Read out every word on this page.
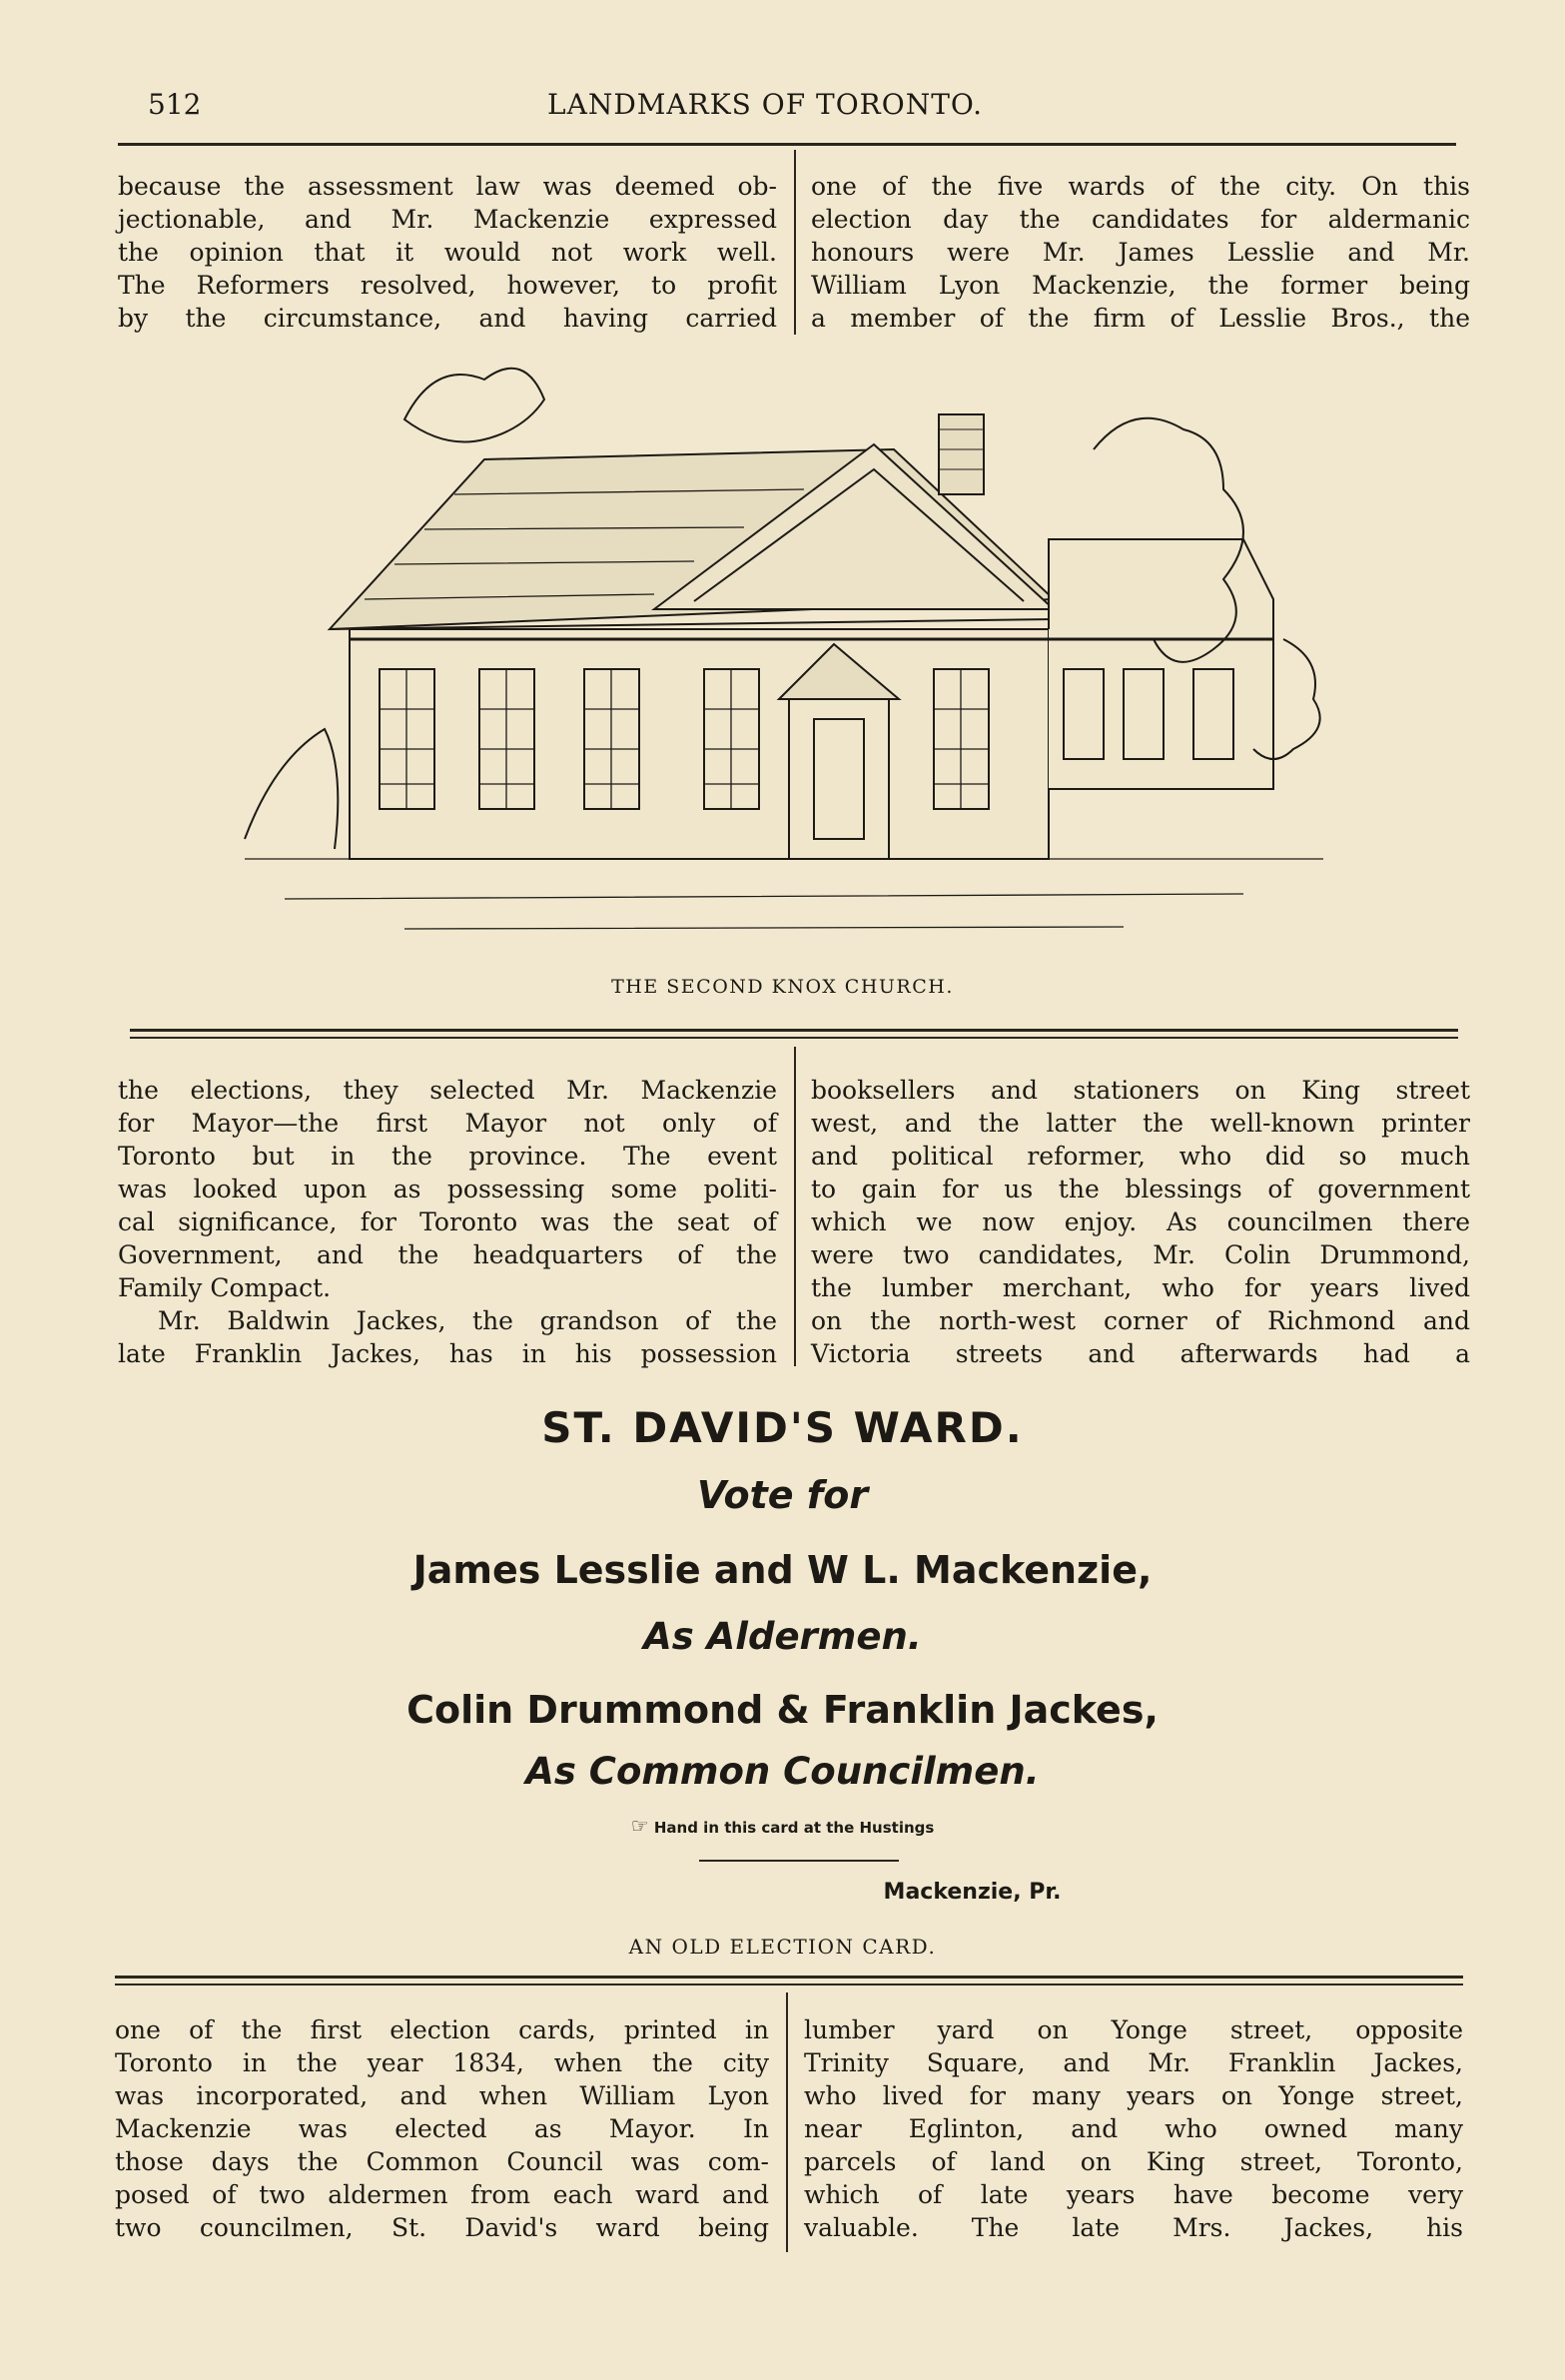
512	LANDMARKS OF TORONTO.
because the assessment law was deemed ob-
jectionable, and Mr. Mackenzie expressed
the opinion that it would not work well.
The Reformers resolved, however, to profit
by the circumstance, and having carried
one of the five wards of the city. On this
election day the candidates for aldermanic
honours were Mr. James Lesslie and Mr.
William Lyon Mackenzie, the former being
a member of the firm of Lesslie Bros., the
THE SECOND KNOX CHURCH.
the elections, they selected Mr. Mackenzie
for Mayor—the first Mayor not only of
Toronto but in the province. The event
was looked upon as possessing some politi-
cal significance, for Toronto was the seat of
Government, and the headquarters of the
Family Compact.
Mr. Baldwin Jackes, the grandson of the
late Franklin Jackes, has in his possession
booksellers and stationers on King street
west, and the latter the well-known printer
and political reformer, who did so much
to gain for us the blessings of government
which we now enjoy. As councilmen there
were two candidates, Mr. Colin Drummond,
the lumber merchant, who for years lived
on the north-west corner of Richmond and
Victoria streets and afterwards had a
ST. DAVID'S WARD.
Vote for
James Lesslie and W L. Mackenzie,
As Aldermen.
Colin Drummond & Franklin Jackes,
As Common Councilmen.
☞ Hand in this card at the Hustings
Mackenzie, Pr.
AN OLD ELECTION CARD.
one of the first election cards, printed in
Toronto in the year 1834, when the city
was incorporated, and when William Lyon
Mackenzie was elected as Mayor. In
those days the Common Council was com-
posed of two aldermen from each ward and
two councilmen, St. David's ward being
lumber yard on Yonge street, opposite
Trinity Square, and Mr. Franklin Jackes,
who lived for many years on Yonge street,
near Eglinton, and who owned many
parcels of land on King street, Toronto,
which of late years have become very
valuable. The late Mrs. Jackes, his
